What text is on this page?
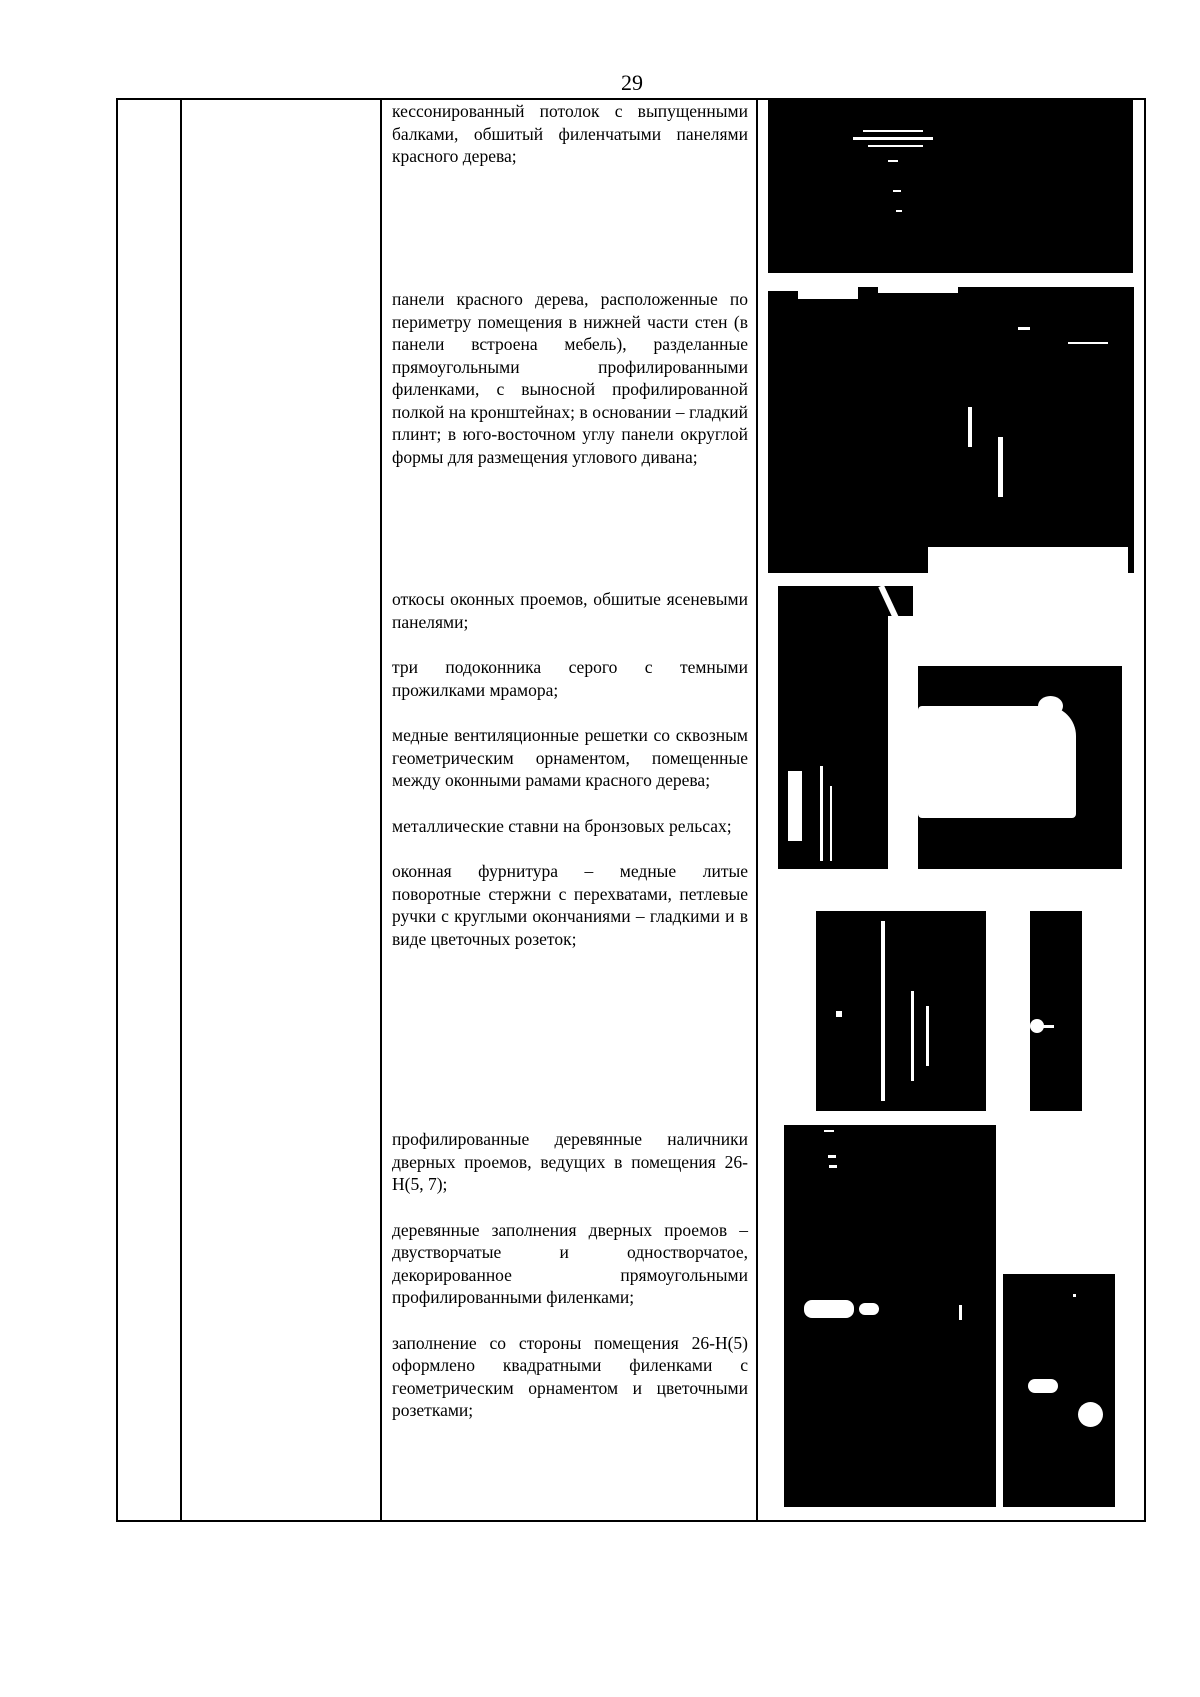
29

кессонированный потолок с выпущенными балками, обшитый филенчатыми панелями красного дерева;

панели красного дерева, расположенные по периметру помещения в нижней части стен (в панели встроена мебель), разделанные прямоугольными профилированными филенками, с выносной профилированной полкой на кронштейнах; в основании – гладкий плинт; в юго-восточном углу панели округлой формы для размещения углового дивана;

откосы оконных проемов, обшитые ясеневыми панелями;

три подоконника серого с темными прожилками мрамора;

медные вентиляционные решетки со сквозным геометрическим орнаментом, помещенные между оконными рамами красного дерева;

металлические ставни на бронзовых рельсах;

оконная фурнитура – медные литые поворотные стержни с перехватами, петлевые ручки с круглыми окончаниями – гладкими и в виде цветочных розеток;

профилированные деревянные наличники дверных проемов, ведущих в помещения 26-Н(5, 7);

деревянные заполнения дверных проемов – двустворчатые и одностворчатое, декорированное прямоугольными профилированными филенками;

заполнение со стороны помещения 26-Н(5) оформлено квадратными филенками с геометрическим орнаментом и цветочными розетками;
